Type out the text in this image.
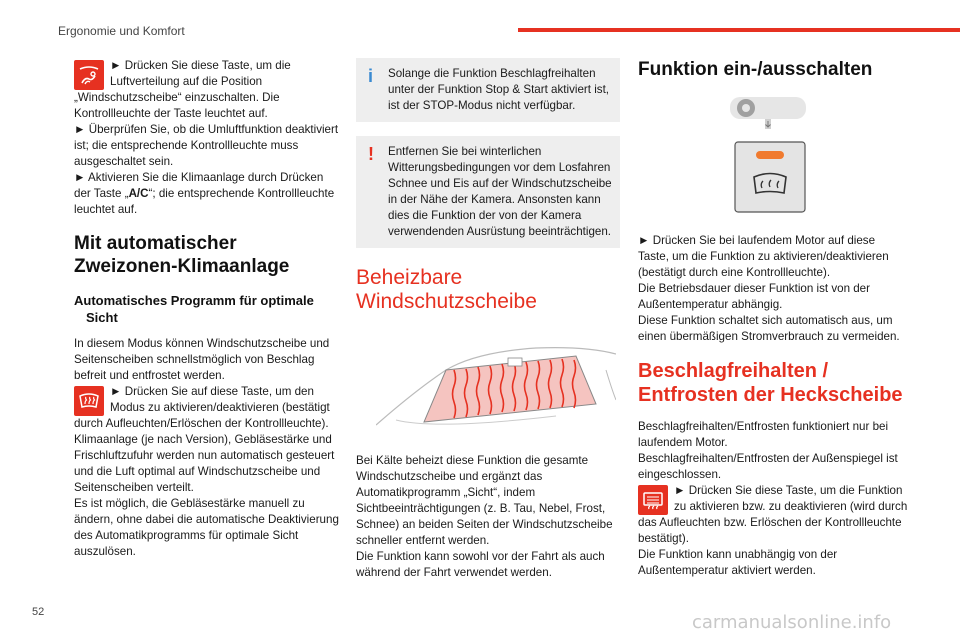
Ergonomie und Komfort

► Drücken Sie diese Taste, um die Luftverteilung auf die Position „Windschutzscheibe“ einzuschalten. Die Kontrollleuchte der Taste leuchtet auf.

► Überprüfen Sie, ob die Umluftfunktion deaktiviert ist; die entsprechende Kontrollleuchte muss ausgeschaltet sein.

► Aktivieren Sie die Klimaanlage durch Drücken der Taste „A/C“; die entsprechende Kontrollleuchte leuchtet auf.

Mit automatischer Zweizonen-Klimaanlage
Automatisches Programm für optimale
Sicht

In diesem Modus können Windschutzscheibe und Seitenscheiben schnellstmöglich von Beschlag befreit und entfrostet werden.

► Drücken Sie auf diese Taste, um den Modus zu aktivieren/deaktivieren (bestätigt durch Aufleuchten/Erlöschen der Kontrollleuchte).

Klimaanlage (je nach Version), Gebläsestärke und Frischluftzufuhr werden nun automatisch gesteuert und die Luft optimal auf Windschutzscheibe und Seitenscheiben verteilt.

Es ist möglich, die Gebläsestärke manuell zu ändern, ohne dabei die automatische Deaktivierung des Automatikprogramms für optimale Sicht auszulösen.

i	Solange die Funktion Beschlagfreihalten unter der Funktion Stop & Start aktiviert ist, ist der STOP-Modus nicht verfügbar.

!	Entfernen Sie bei winterlichen Witterungsbedingungen vor dem Losfahren Schnee und Eis auf der Windschutzscheibe in der Nähe der Kamera. Ansonsten kann dies die Funktion der von der Kamera verwendenden Ausrüstung beeinträchtigen.

Beheizbare Windschutzscheibe

Bei Kälte beheizt diese Funktion die gesamte Windschutzscheibe und ergänzt das Automatikprogramm „Sicht“, indem Sichtbeeinträchtigungen (z. B. Tau, Nebel, Frost, Schnee) an beiden Seiten der Windschutzscheibe schneller entfernt werden.

Die Funktion kann sowohl vor der Fahrt als auch während der Fahrt verwendet werden.

Funktion ein-/ausschalten

► Drücken Sie bei laufendem Motor auf diese Taste, um die Funktion zu aktivieren/deaktivieren (bestätigt durch eine Kontrollleuchte).

Die Betriebsdauer dieser Funktion ist von der Außentemperatur abhängig.

Diese Funktion schaltet sich automatisch aus, um einen übermäßigen Stromverbrauch zu vermeiden.

Beschlagfreihalten / Entfrosten der Heckscheibe

Beschlagfreihalten/Entfrosten funktioniert nur bei laufendem Motor.

Beschlagfreihalten/Entfrosten der Außenspiegel ist eingeschlossen.

► Drücken Sie diese Taste, um die Funktion zu aktivieren bzw. zu deaktivieren (wird durch das Aufleuchten bzw. Erlöschen der Kontrollleuchte bestätigt).

Die Funktion kann unabhängig von der Außentemperatur aktiviert werden.

52	carmanualsonline.info
